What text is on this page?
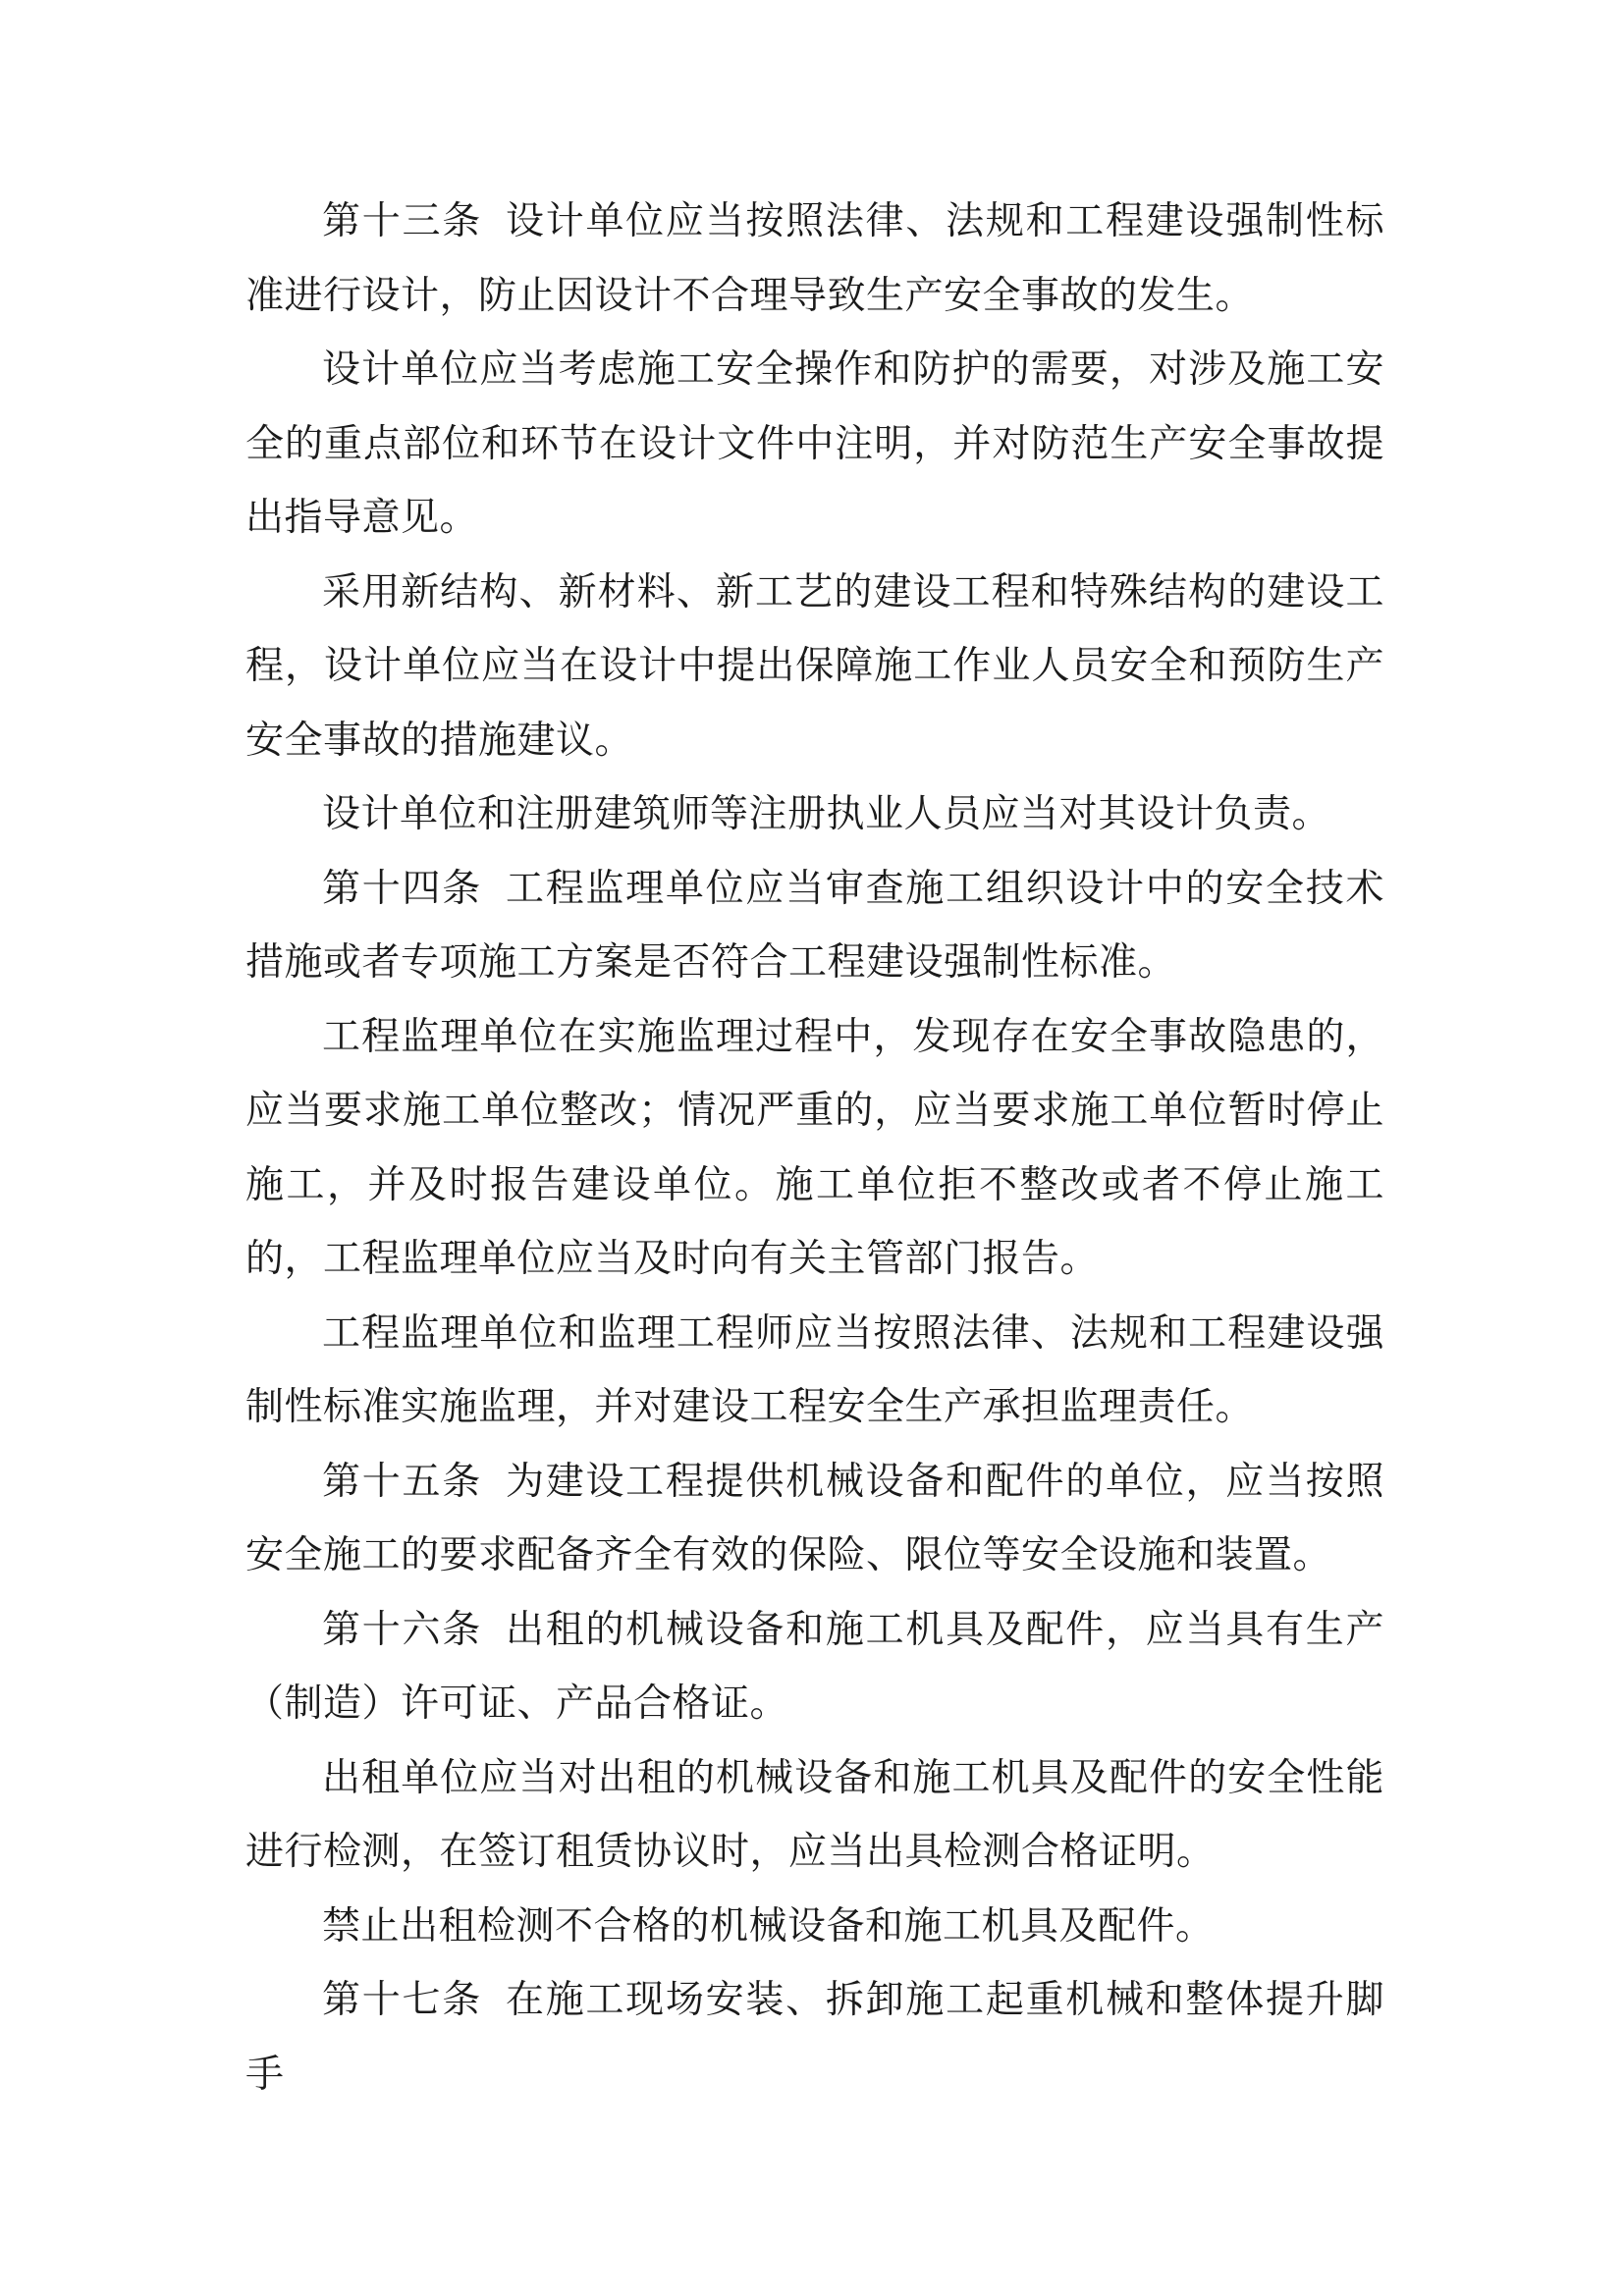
第十三条 设计单位应当按照法律、法规和工程建设强制性标准进行设计，防止因设计不合理导致生产安全事故的发生。

设计单位应当考虑施工安全操作和防护的需要，对涉及施工安全的重点部位和环节在设计文件中注明，并对防范生产安全事故提出指导意见。

采用新结构、新材料、新工艺的建设工程和特殊结构的建设工程，设计单位应当在设计中提出保障施工作业人员安全和预防生产安全事故的措施建议。

设计单位和注册建筑师等注册执业人员应当对其设计负责。

第十四条 工程监理单位应当审查施工组织设计中的安全技术措施或者专项施工方案是否符合工程建设强制性标准。

工程监理单位在实施监理过程中，发现存在安全事故隐患的，应当要求施工单位整改；情况严重的，应当要求施工单位暂时停止施工，并及时报告建设单位。施工单位拒不整改或者不停止施工的，工程监理单位应当及时向有关主管部门报告。

工程监理单位和监理工程师应当按照法律、法规和工程建设强制性标准实施监理，并对建设工程安全生产承担监理责任。

第十五条 为建设工程提供机械设备和配件的单位，应当按照安全施工的要求配备齐全有效的保险、限位等安全设施和装置。

第十六条 出租的机械设备和施工机具及配件，应当具有生产（制造）许可证、产品合格证。

出租单位应当对出租的机械设备和施工机具及配件的安全性能进行检测，在签订租赁协议时，应当出具检测合格证明。

禁止出租检测不合格的机械设备和施工机具及配件。

第十七条 在施工现场安装、拆卸施工起重机械和整体提升脚手
